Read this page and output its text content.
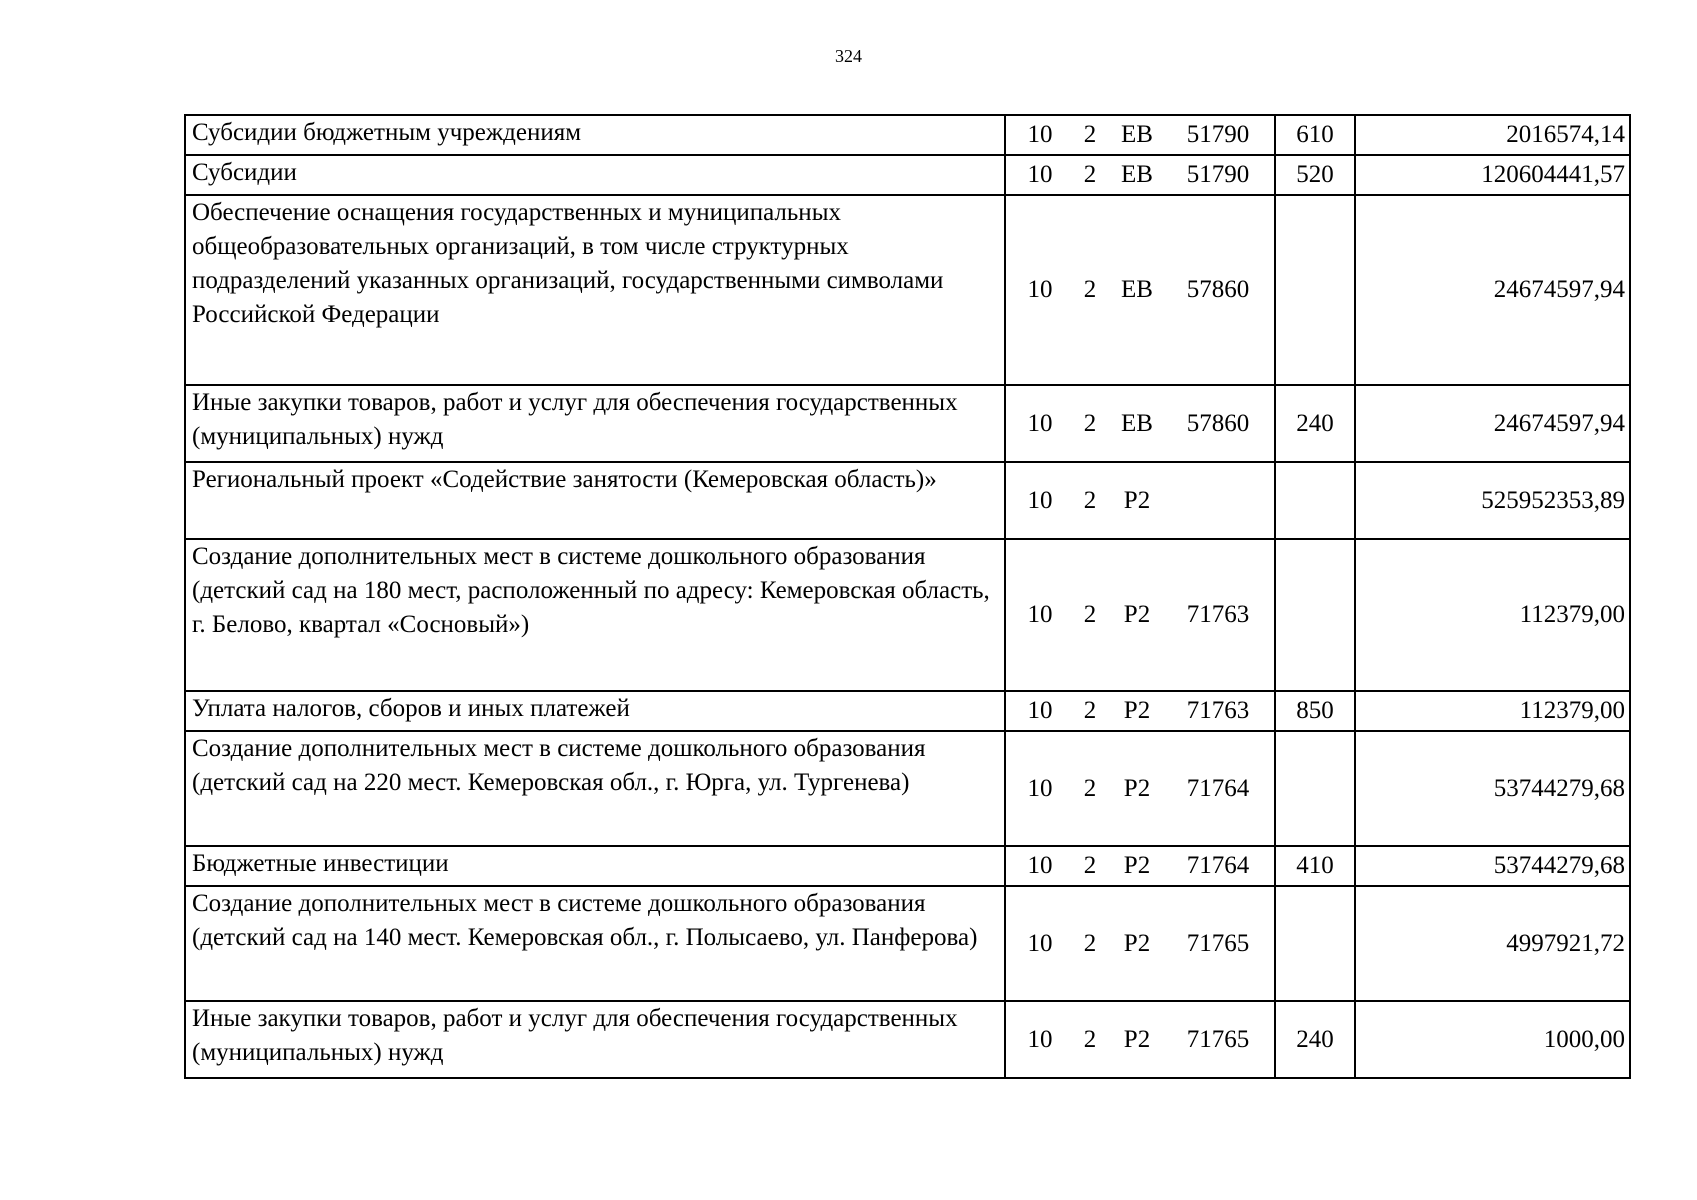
324
Субсидии бюджетным учреждениям	10 2 ЕВ 51790	610	2016574,14
Субсидии	10 2 ЕВ 51790	520	120604441,57
Обеспечение оснащения государственных и муниципальных общеобразовательных организаций, в том числе структурных подразделений указанных организаций, государственными символами Российской Федерации	10 2 ЕВ 57860		24674597,94
Иные закупки товаров, работ и услуг для обеспечения государственных (муниципальных) нужд	10 2 ЕВ 57860	240	24674597,94
Региональный проект «Содействие занятости (Кемеровская область)»	10 2 Р2		525952353,89
Создание дополнительных мест в системе дошкольного образования (детский сад на 180 мест, расположенный по адресу: Кемеровская область, г. Белово, квартал «Сосновый»)	10 2 Р2 71763		112379,00
Уплата налогов, сборов и иных платежей	10 2 Р2 71763	850	112379,00
Создание дополнительных мест в системе дошкольного образования (детский сад на 220 мест. Кемеровская обл., г. Юрга, ул. Тургенева)	10 2 Р2 71764		53744279,68
Бюджетные инвестиции	10 2 Р2 71764	410	53744279,68
Создание дополнительных мест в системе дошкольного образования (детский сад на 140 мест. Кемеровская обл., г. Полысаево, ул. Панферова)	10 2 Р2 71765		4997921,72
Иные закупки товаров, работ и услуг для обеспечения государственных (муниципальных) нужд	10 2 Р2 71765	240	1000,00
